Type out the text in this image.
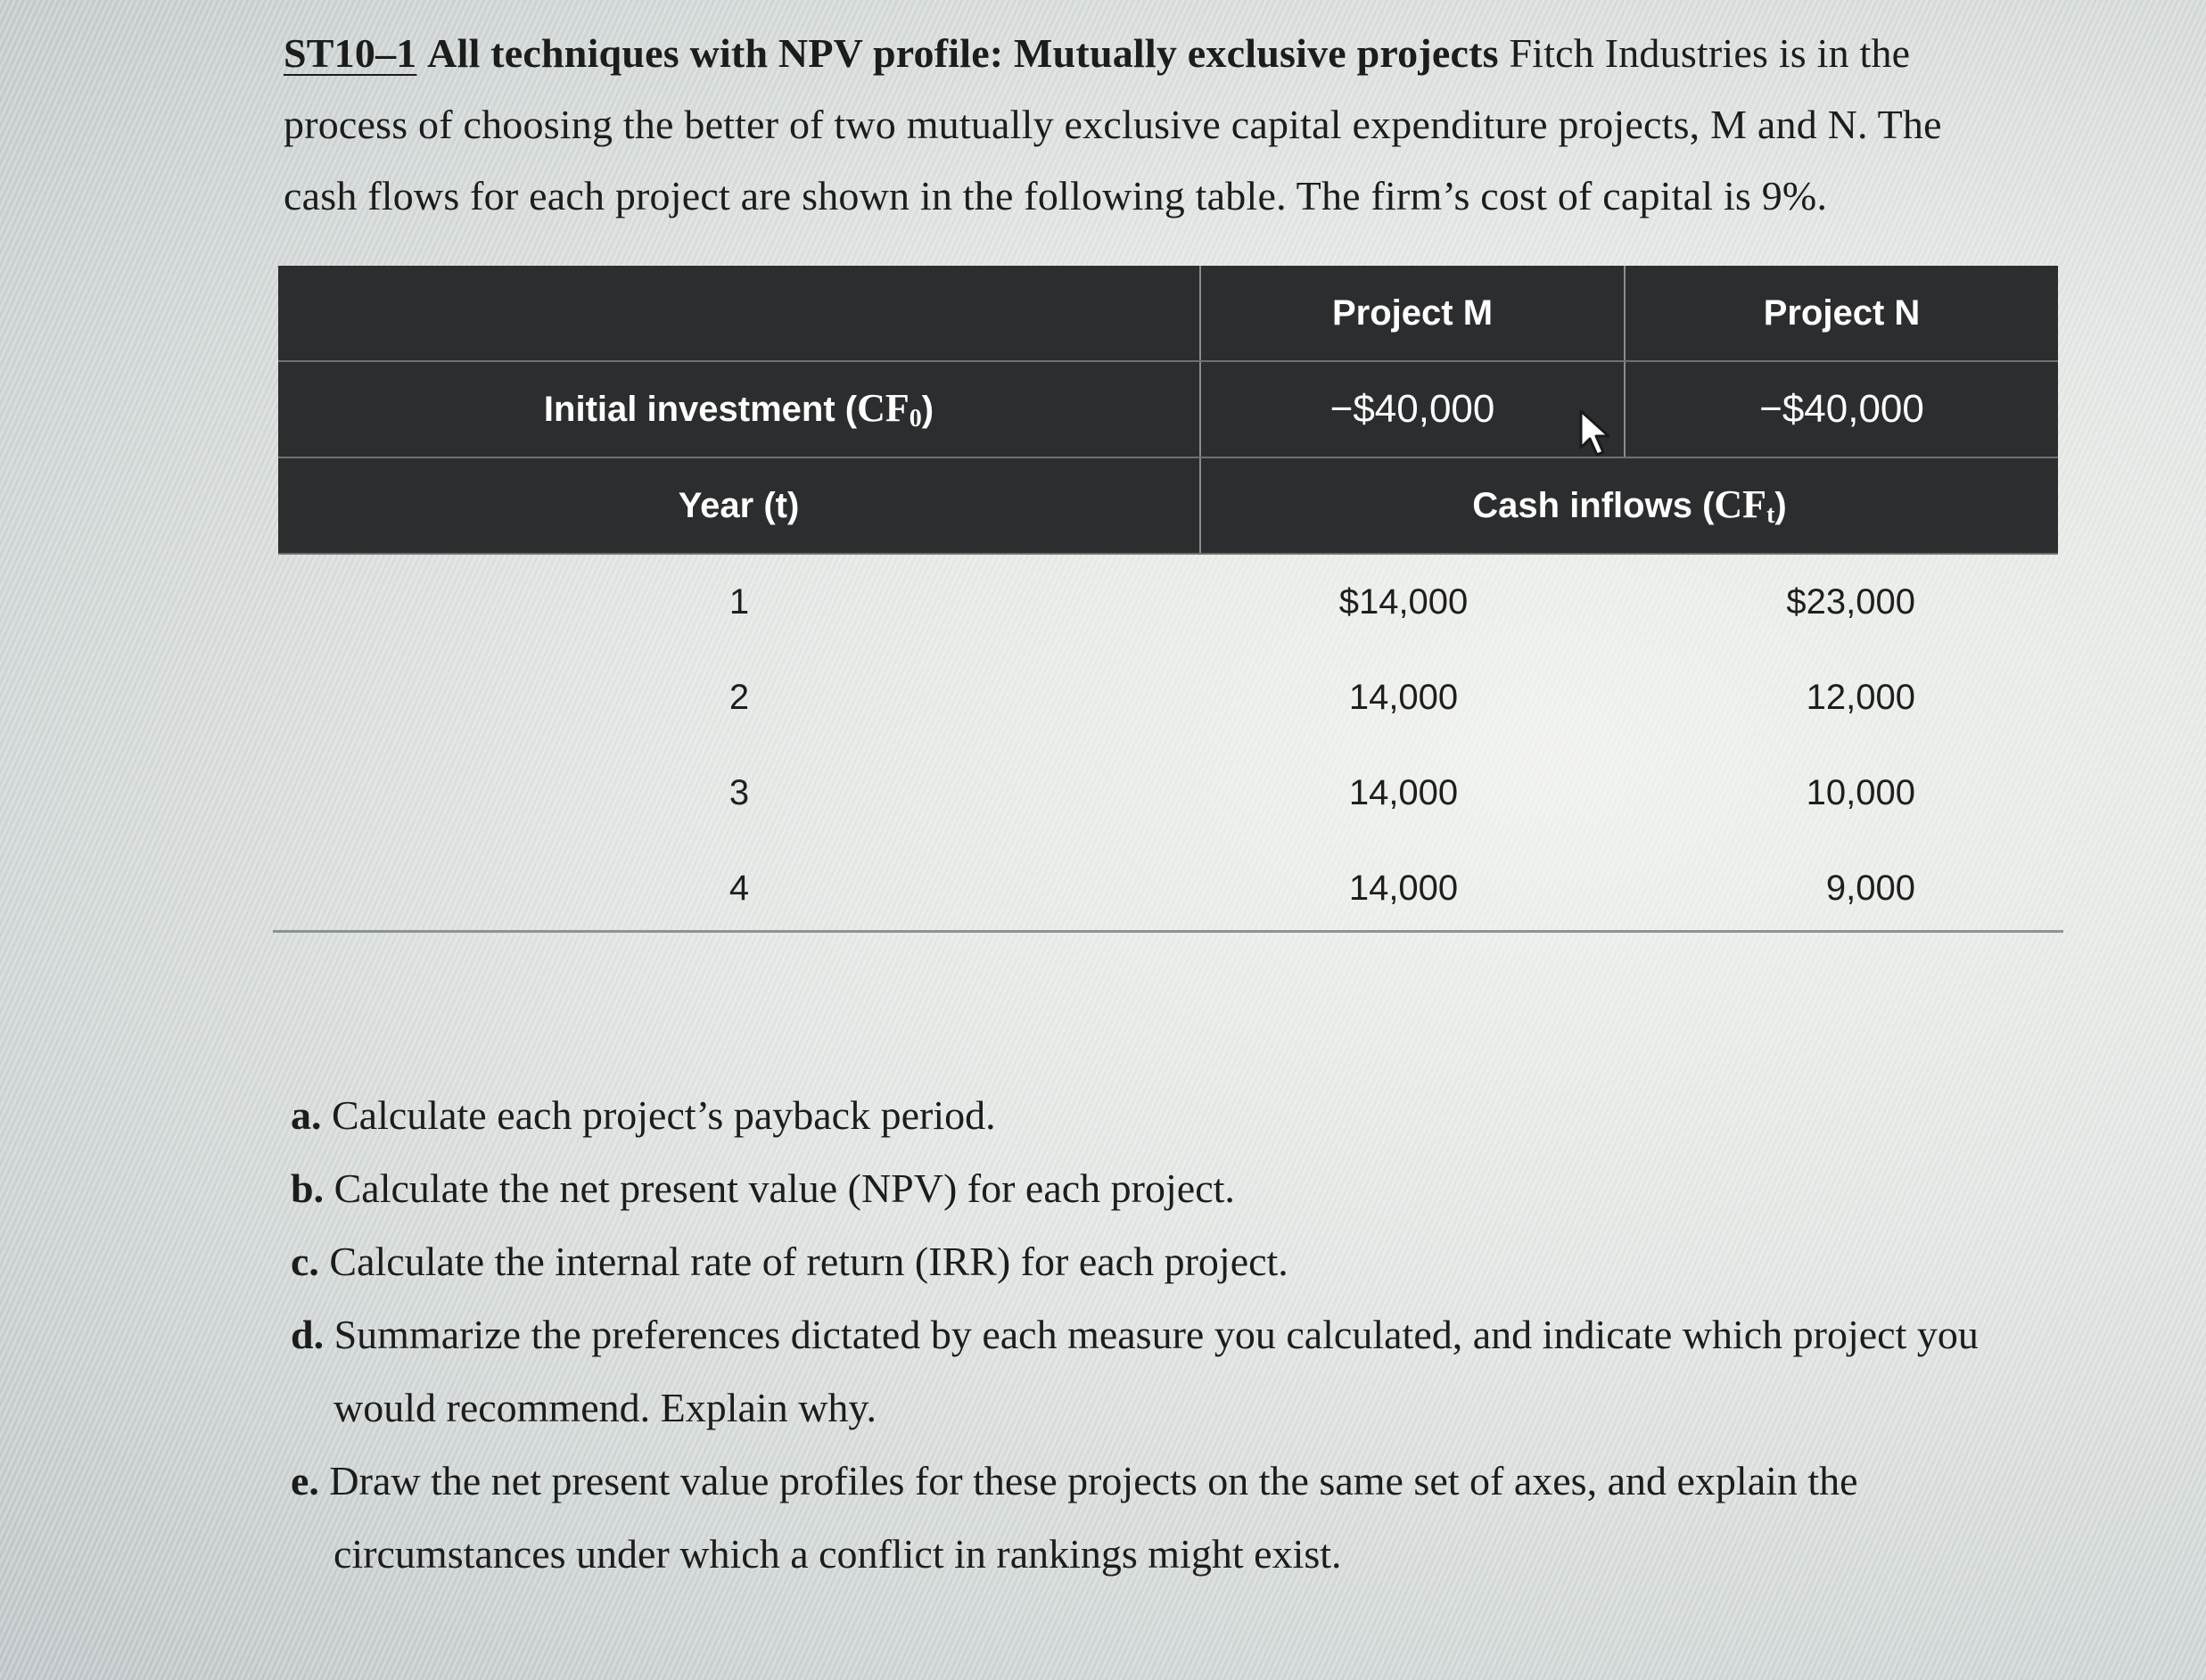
ST10–1 All techniques with NPV profile: Mutually exclusive projects Fitch Industries is in the process of choosing the better of two mutually exclusive capital expenditure projects, M and N. The cash flows for each project are shown in the following table. The firm’s cost of capital is 9%.
	Project M	Project N
Initial investment $(CF_0)$	−$40,000	−$40,000
Year (t)	Cash inflows $(CF_t)$	
1	$14,000	$23,000
2	14,000	12,000
3	14,000	10,000
4	14,000	9,000
a. Calculate each project’s payback period.
b. Calculate the net present value (NPV) for each project.
c. Calculate the internal rate of return (IRR) for each project.
d. Summarize the preferences dictated by each measure you calculated, and indicate which project you would recommend. Explain why.
e. Draw the net present value profiles for these projects on the same set of axes, and explain the circumstances under which a conflict in rankings might exist.
